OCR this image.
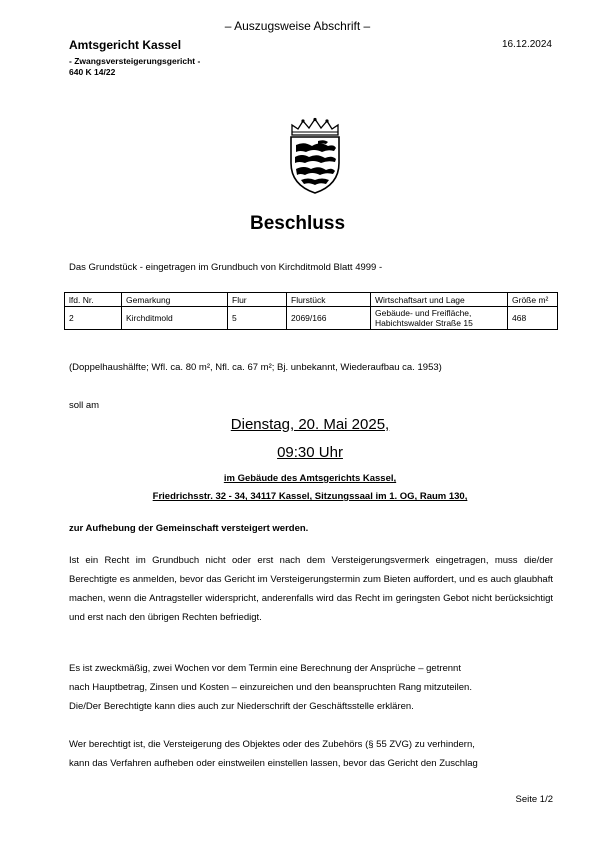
– Auszugsweise Abschrift –
Amtsgericht Kassel	16.12.2024
- Zwangsversteigerungsgericht -
640 K 14/22
Beschluss
Das Grundstück - eingetragen im Grundbuch von Kirchditmold Blatt 4999 -
lfd. Nr.	Gemarkung	Flur	Flurstück	Wirtschaftsart und Lage	Größe m²
2	Kirchditmold	5	2069/166	Gebäude- und Freifläche,
Habichtswalder Straße 15	468
(Doppelhaushälfte; Wfl. ca. 80 m², Nfl. ca. 67 m²; Bj. unbekannt, Wiederaufbau ca. 1953)
soll am
Dienstag, 20. Mai 2025,
09:30 Uhr
im Gebäude des Amtsgerichts Kassel,
Friedrichsstr. 32 - 34, 34117 Kassel, Sitzungssaal im 1. OG, Raum 130,
zur Aufhebung der Gemeinschaft versteigert werden.
Ist ein Recht im Grundbuch nicht oder erst nach dem Versteigerungsvermerk eingetragen, muss die/der Berechtigte es anmelden, bevor das Gericht im Versteigerungstermin zum Bieten auffordert, und es auch glaubhaft machen, wenn die Antragsteller widerspricht, anderenfalls wird das Recht im geringsten Gebot nicht berücksichtigt und erst nach den übrigen Rechten befriedigt.
Es ist zweckmäßig, zwei Wochen vor dem Termin eine Berechnung der Ansprüche – getrennt
nach Hauptbetrag, Zinsen und Kosten – einzureichen und den beanspruchten Rang mitzuteilen.
Die/Der Berechtigte kann dies auch zur Niederschrift der Geschäftsstelle erklären.
Wer berechtigt ist, die Versteigerung des Objektes oder des Zubehörs (§ 55 ZVG) zu verhindern,
kann das Verfahren aufheben oder einstweilen einstellen lassen, bevor das Gericht den Zuschlag
Seite 1/2
